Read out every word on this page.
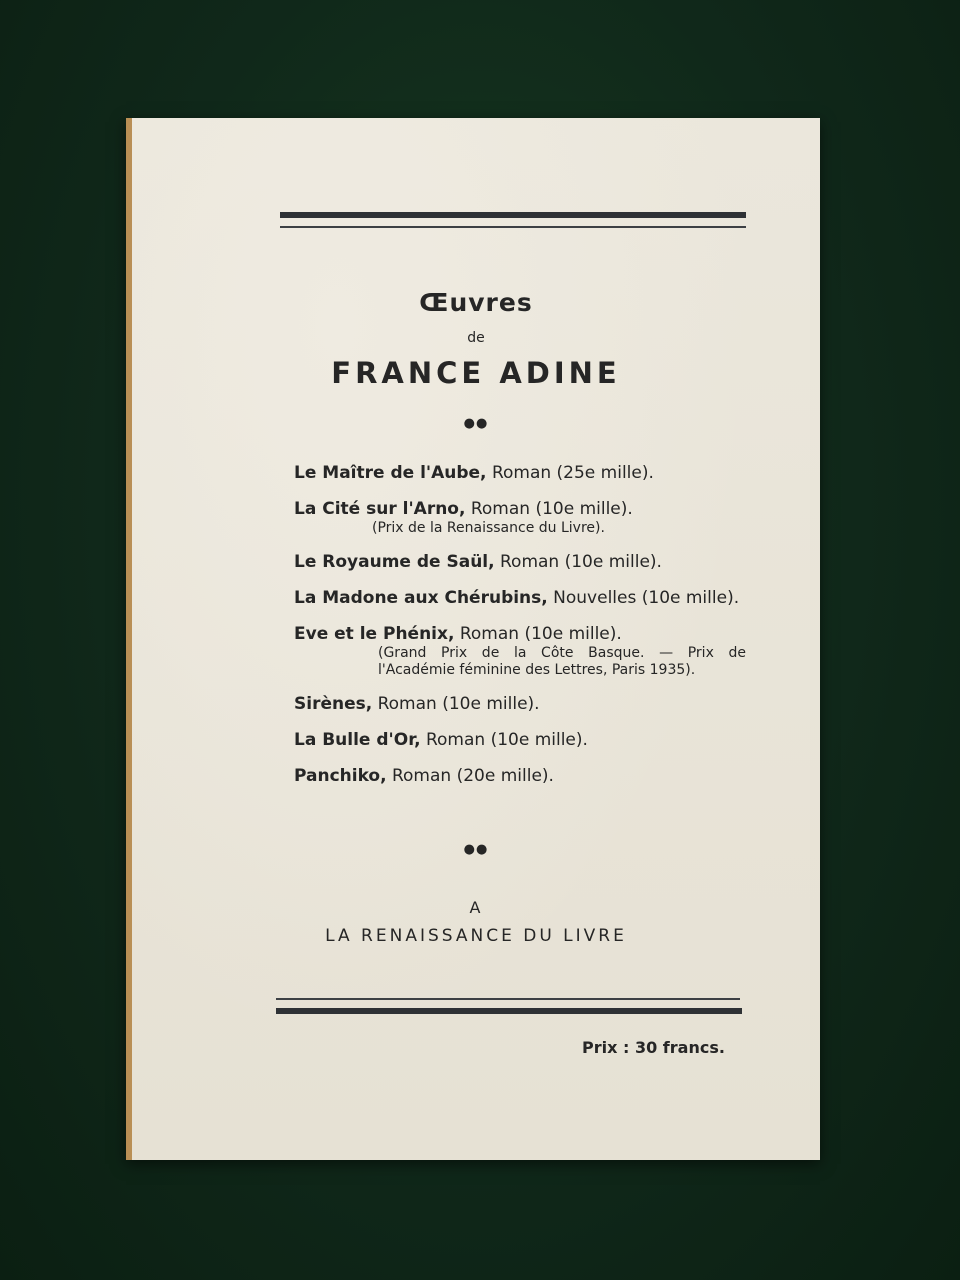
Œuvres
de
FRANCE ADINE
●●
Le Maître de l'Aube, Roman (25e mille).
La Cité sur l'Arno, Roman (10e mille).
(Prix de la Renaissance du Livre).
Le Royaume de Saül, Roman (10e mille).
La Madone aux Chérubins, Nouvelles (10e mille).
Eve et le Phénix, Roman (10e mille).
(Grand Prix de la Côte Basque. — Prix de
l'Académie féminine des Lettres, Paris 1935).
Sirènes, Roman (10e mille).
La Bulle d'Or, Roman (10e mille).
Panchiko, Roman (20e mille).
●●
A
LA RENAISSANCE DU LIVRE
Prix : 30 francs.
